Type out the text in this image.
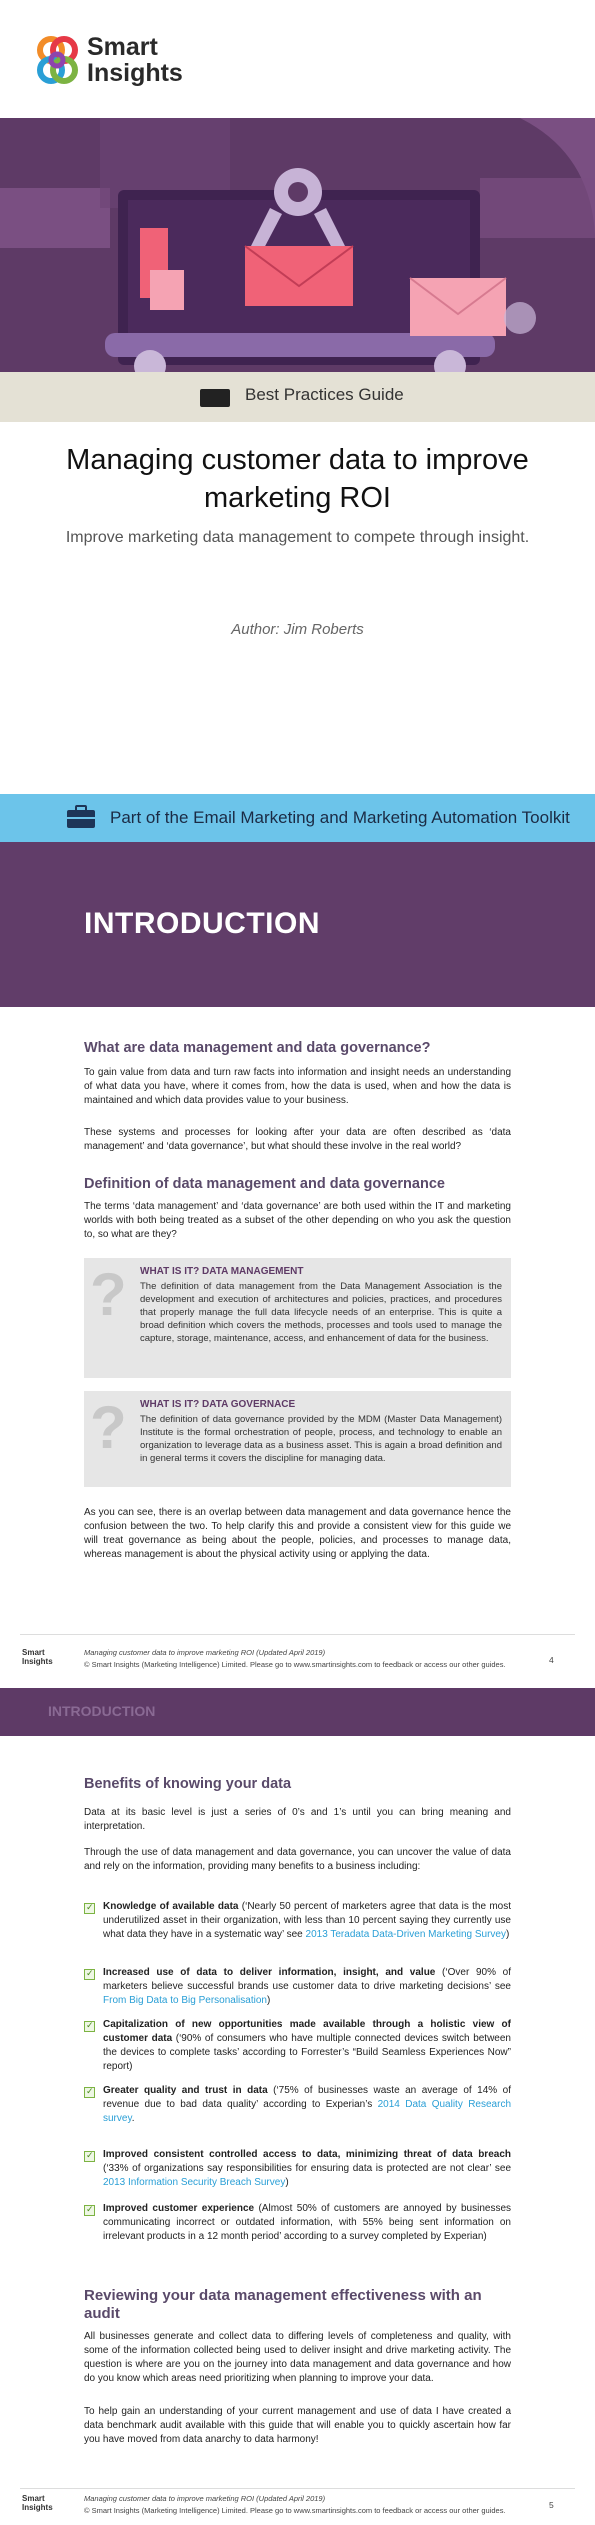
Smart
Insights
Best Practices Guide
Managing customer data to improve marketing ROI
Improve marketing data management to compete through insight.
Author: Jim Roberts
Part of the Email Marketing and Marketing Automation Toolkit
INTRODUCTION
What are data management and data governance?
To gain value from data and turn raw facts into information and insight needs an understanding of what data you have, where it comes from, how the data is used, when and how the data is maintained and which data provides value to your business.
These systems and processes for looking after your data are often described as ‘data management’ and ‘data governance’, but what should these involve in the real world?
Definition of data management and data governance
The terms ‘data management’ and ‘data governance’ are both used within the IT and marketing worlds with both being treated as a subset of the other depending on who you ask the question to, so what are they?
? WHAT IS IT? DATA MANAGEMENT
The definition of data management from the Data Management Association is the development and execution of architectures and policies, practices, and procedures that properly manage the full data lifecycle needs of an enterprise. This is quite a broad definition which covers the methods, processes and tools used to manage the capture, storage, maintenance, access, and enhancement of data for the business.
? WHAT IS IT? DATA GOVERNACE
The definition of data governance provided by the MDM (Master Data Management) Institute is the formal orchestration of people, process, and technology to enable an organization to leverage data as a business asset. This is again a broad definition and in general terms it covers the discipline for managing data.
As you can see, there is an overlap between data management and data governance hence the confusion between the two. To help clarify this and provide a consistent view for this guide we will treat governance as being about the people, policies, and processes to manage data, whereas management is about the physical activity using or applying the data.
Smart
Insights
Managing customer data to improve marketing ROI (Updated April 2019)
© Smart Insights (Marketing Intelligence) Limited. Please go to www.smartinsights.com to feedback or access our other guides.	4
INTRODUCTION
Benefits of knowing your data
Data at its basic level is just a series of 0’s and 1’s until you can bring meaning and interpretation.
Through the use of data management and data governance, you can uncover the value of data and rely on the information, providing many benefits to a business including:
✓ Knowledge of available data (‘Nearly 50 percent of marketers agree that data is the most underutilized asset in their organization, with less than 10 percent saying they currently use what data they have in a systematic way’ see 2013 Teradata Data-Driven Marketing Survey)
✓ Increased use of data to deliver information, insight, and value (‘Over 90% of marketers believe successful brands use customer data to drive marketing decisions’ see From Big Data to Big Personalisation)
✓ Capitalization of new opportunities made available through a holistic view of customer data (‘90% of consumers who have multiple connected devices switch between the devices to complete tasks’ according to Forrester’s “Build Seamless Experiences Now” report)
✓ Greater quality and trust in data (‘75% of businesses waste an average of 14% of revenue due to bad data quality’ according to Experian’s 2014 Data Quality Research survey.
✓ Improved consistent controlled access to data, minimizing threat of data breach (‘33% of organizations say responsibilities for ensuring data is protected are not clear’ see 2013 Information Security Breach Survey)
✓ Improved customer experience (Almost 50% of customers are annoyed by businesses communicating incorrect or outdated information, with 55% being sent information on irrelevant products in a 12 month period’ according to a survey completed by Experian)
Reviewing your data management effectiveness with an audit
All businesses generate and collect data to differing levels of completeness and quality, with some of the information collected being used to deliver insight and drive marketing activity. The question is where are you on the journey into data management and data governance and how do you know which areas need prioritizing when planning to improve your data.
To help gain an understanding of your current management and use of data I have created a data benchmark audit available with this guide that will enable you to quickly ascertain how far you have moved from data anarchy to data harmony!
Smart
Insights
Managing customer data to improve marketing ROI (Updated April 2019)
© Smart Insights (Marketing Intelligence) Limited. Please go to www.smartinsights.com to feedback or access our other guides.
5
